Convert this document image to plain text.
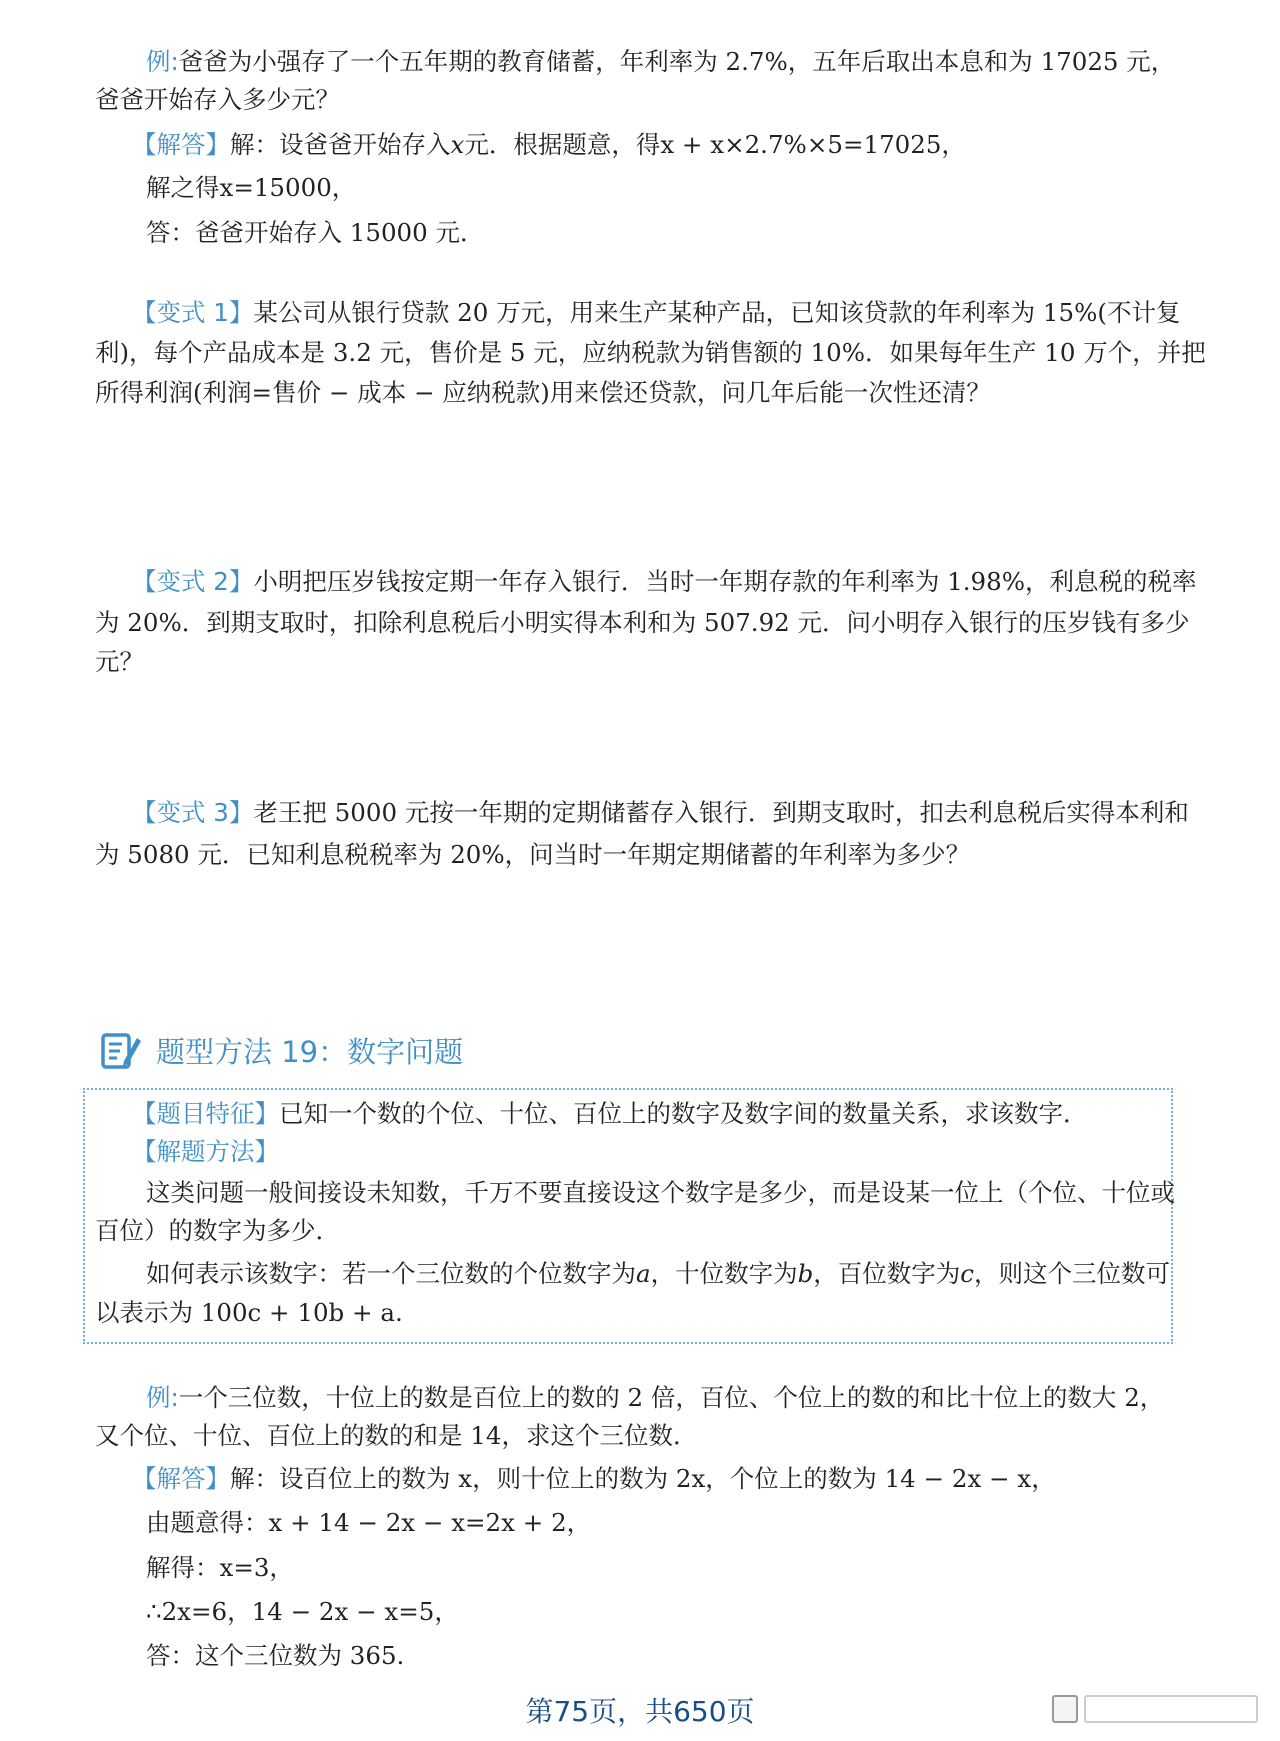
例:爸爸为小强存了一个五年期的教育储蓄，年利率为 2.7%，五年后取出本息和为 17025 元，
爸爸开始存入多少元？
【解答】解：设爸爸开始存入x元．根据题意，得x + x×2.7%×5=17025，
解之得x=15000，
答：爸爸开始存入 15000 元．
【变式 1】某公司从银行贷款 20 万元，用来生产某种产品，已知该贷款的年利率为 15%(不计复
利)，每个产品成本是 3.2 元，售价是 5 元，应纳税款为销售额的 10%．如果每年生产 10 万个，并把
所得利润(利润=售价 − 成本 − 应纳税款)用来偿还贷款，问几年后能一次性还清？
【变式 2】小明把压岁钱按定期一年存入银行．当时一年期存款的年利率为 1.98%，利息税的税率
为 20%．到期支取时，扣除利息税后小明实得本利和为 507.92 元．问小明存入银行的压岁钱有多少
元？
【变式 3】老王把 5000 元按一年期的定期储蓄存入银行．到期支取时，扣去利息税后实得本利和
为 5080 元．已知利息税税率为 20%，问当时一年期定期储蓄的年利率为多少？
题型方法 19：数字问题
【题目特征】已知一个数的个位、十位、百位上的数字及数字间的数量关系，求该数字．
【解题方法】
这类问题一般间接设未知数，千万不要直接设这个数字是多少，而是设某一位上（个位、十位或
百位）的数字为多少．
如何表示该数字：若一个三位数的个位数字为a，十位数字为b，百位数字为c，则这个三位数可
以表示为 100c + 10b + a.
例:一个三位数，十位上的数是百位上的数的 2 倍，百位、个位上的数的和比十位上的数大 2，
又个位、十位、百位上的数的和是 14，求这个三位数．
【解答】解：设百位上的数为 x，则十位上的数为 2x，个位上的数为 14 − 2x − x，
由题意得：x + 14 − 2x − x=2x + 2，
解得：x=3，
∴2x=6，14 − 2x − x=5，
答：这个三位数为 365.
第75页，共650页
